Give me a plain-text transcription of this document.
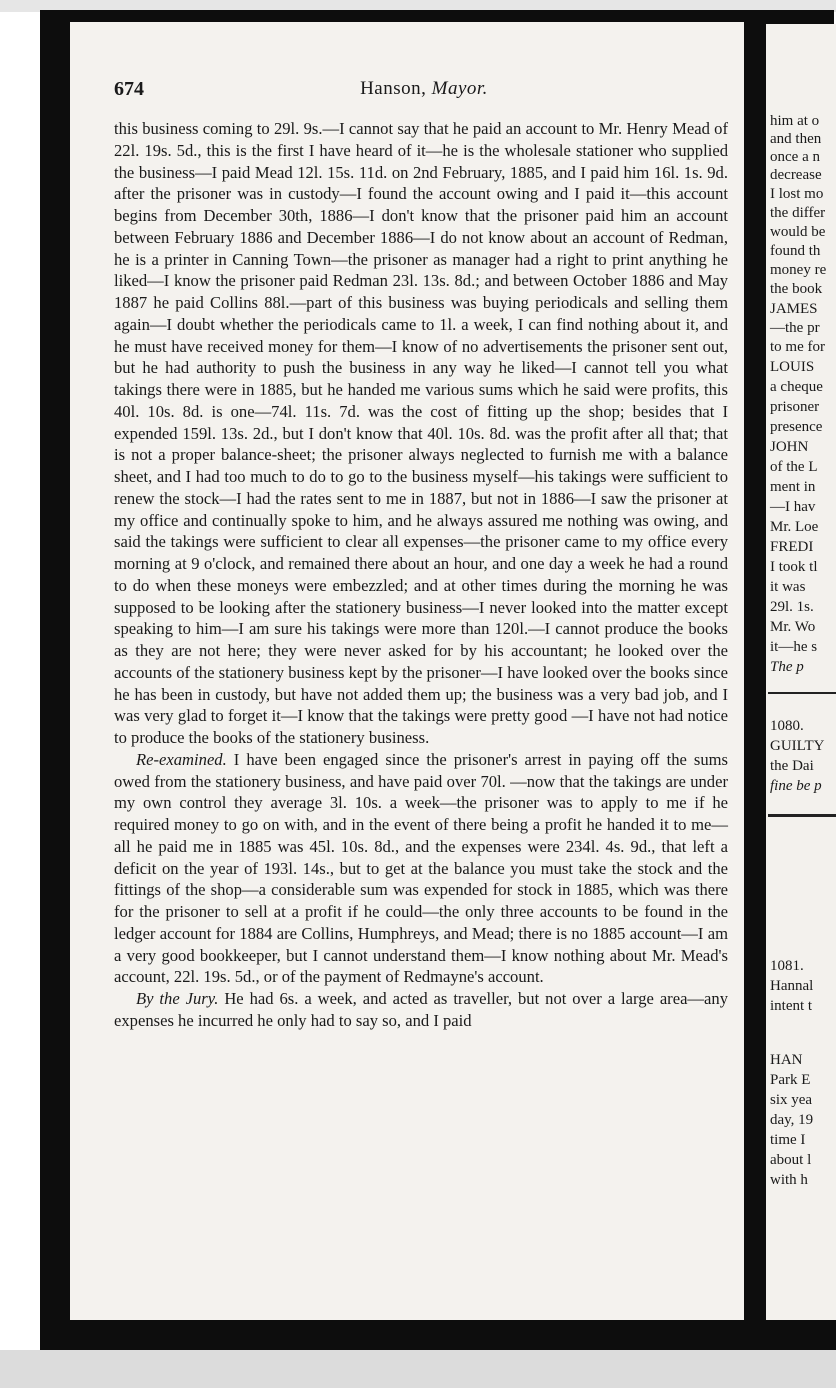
674	Hanson, Mayor.

this business coming to 29l. 9s.—I cannot say that he paid an account to Mr. Henry Mead of 22l. 19s. 5d., this is the first I have heard of it—he is the wholesale stationer who supplied the business—I paid Mead 12l. 15s. 11d. on 2nd February, 1885, and I paid him 16l. 1s. 9d. after the prisoner was in custody—I found the account owing and I paid it—this account begins from December 30th, 1886—I don't know that the prisoner paid him an account between February 1886 and December 1886—I do not know about an account of Redman, he is a printer in Canning Town—the prisoner as manager had a right to print anything he liked—I know the prisoner paid Redman 23l. 13s. 8d.; and between October 1886 and May 1887 he paid Collins 88l.—part of this business was buying periodicals and selling them again—I doubt whether the periodicals came to 1l. a week, I can find nothing about it, and he must have received money for them—I know of no advertisements the prisoner sent out, but he had authority to push the business in any way he liked—I cannot tell you what takings there were in 1885, but he handed me various sums which he said were profits, this 40l. 10s. 8d. is one—74l. 11s. 7d. was the cost of fitting up the shop; besides that I expended 159l. 13s. 2d., but I don't know that 40l. 10s. 8d. was the profit after all that; that is not a proper balance-sheet; the prisoner always neglected to furnish me with a balance sheet, and I had too much to do to go to the business myself—his takings were sufficient to renew the stock—I had the rates sent to me in 1887, but not in 1886—I saw the prisoner at my office and continually spoke to him, and he always assured me nothing was owing, and said the takings were sufficient to clear all expenses—the prisoner came to my office every morning at 9 o'clock, and remained there about an hour, and one day a week he had a round to do when these moneys were embezzled; and at other times during the morning he was supposed to be looking after the stationery business—I never looked into the matter except speaking to him—I am sure his takings were more than 120l.—I cannot produce the books as they are not here; they were never asked for by his accountant; he looked over the accounts of the stationery business kept by the prisoner—I have looked over the books since he has been in custody, but have not added them up; the business was a very bad job, and I was very glad to forget it—I know that the takings were pretty good —I have not had notice to produce the books of the stationery business.

Re-examined. I have been engaged since the prisoner's arrest in paying off the sums owed from the stationery business, and have paid over 70l. —now that the takings are under my own control they average 3l. 10s. a week—the prisoner was to apply to me if he required money to go on with, and in the event of there being a profit he handed it to me—all he paid me in 1885 was 45l. 10s. 8d., and the expenses were 234l. 4s. 9d., that left a deficit on the year of 193l. 14s., but to get at the balance you must take the stock and the fittings of the shop—a considerable sum was expended for stock in 1885, which was there for the prisoner to sell at a profit if he could—the only three accounts to be found in the ledger account for 1884 are Collins, Humphreys, and Mead; there is no 1885 account—I am a very good bookkeeper, but I cannot understand them—I know nothing about Mr. Mead's account, 22l. 19s. 5d., or of the payment of Redmayne's account.

By the Jury. He had 6s. a week, and acted as traveller, but not over a large area—any expenses he incurred he only had to say so, and I paid

him at o
and then
once a n
decrease
I lost mo
the differ
would be
found th
money re
the book
JAMES
—the pr
to me for
LOUIS
a cheque
prisoner
presence
JOHN
of the L
ment in
—I hav
Mr. Loe
FREDI
I took tl
it was
29l. 1s.
Mr. Wo
it—he s
The p
1080.
GUILTY
the Dai
fine be p
1081.
Hannal
intent t
HAN
Park E
six yea
day, 19
time I
about l
with h
